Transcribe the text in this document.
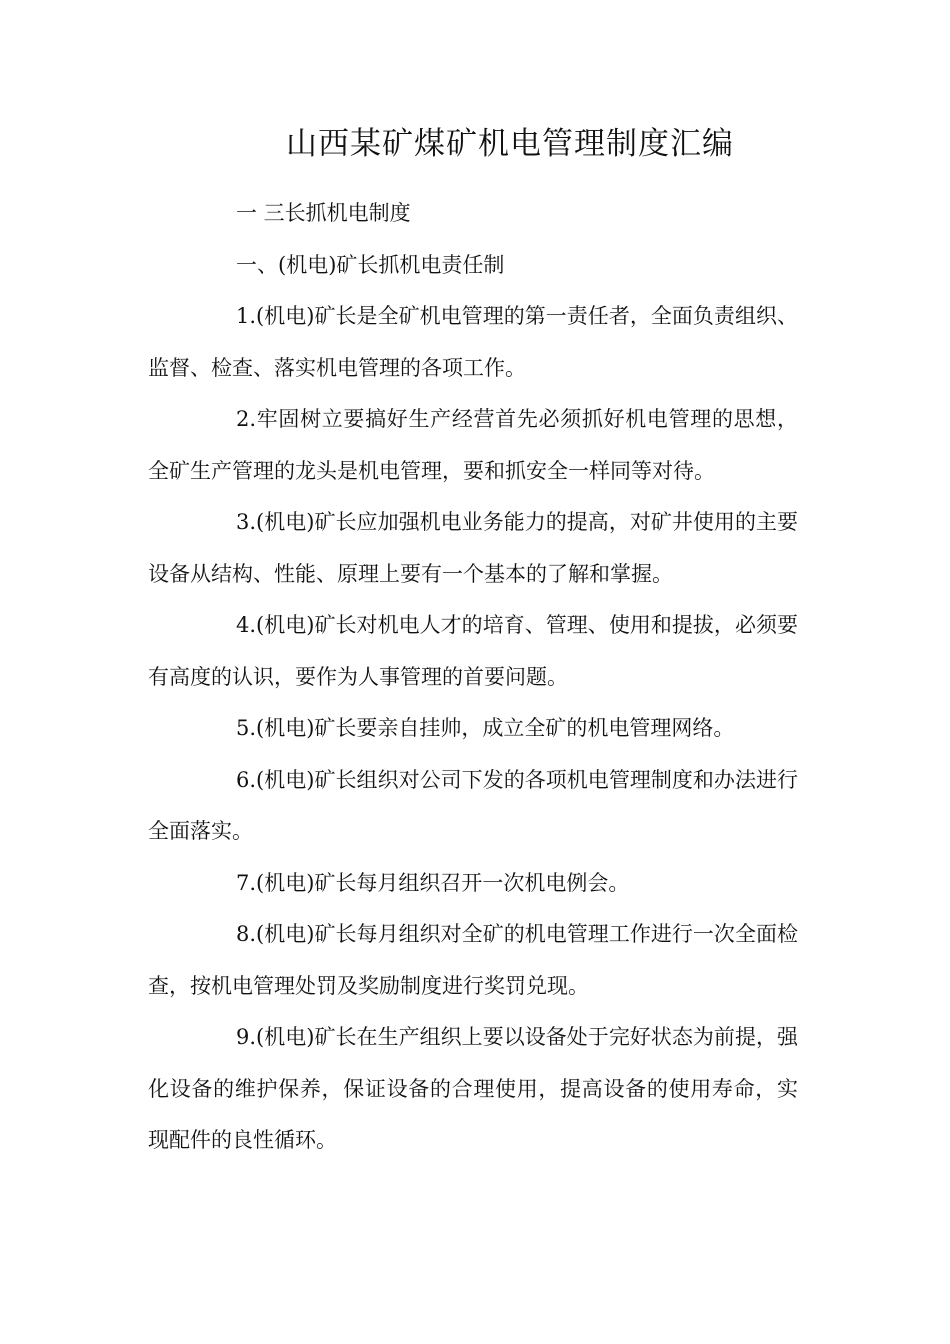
山西某矿煤矿机电管理制度汇编

一 三长抓机电制度

一、(机电)矿长抓机电责任制

1.(机电)矿长是全矿机电管理的第一责任者，全面负责组织、监督、检查、落实机电管理的各项工作。

2.牢固树立要搞好生产经营首先必须抓好机电管理的思想，全矿生产管理的龙头是机电管理，要和抓安全一样同等对待。

3.(机电)矿长应加强机电业务能力的提高，对矿井使用的主要设备从结构、性能、原理上要有一个基本的了解和掌握。

4.(机电)矿长对机电人才的培育、管理、使用和提拔，必须要有高度的认识，要作为人事管理的首要问题。

5.(机电)矿长要亲自挂帅，成立全矿的机电管理网络。

6.(机电)矿长组织对公司下发的各项机电管理制度和办法进行全面落实。

7.(机电)矿长每月组织召开一次机电例会。

8.(机电)矿长每月组织对全矿的机电管理工作进行一次全面检查，按机电管理处罚及奖励制度进行奖罚兑现。

9.(机电)矿长在生产组织上要以设备处于完好状态为前提，强化设备的维护保养，保证设备的合理使用，提高设备的使用寿命，实现配件的良性循环。
